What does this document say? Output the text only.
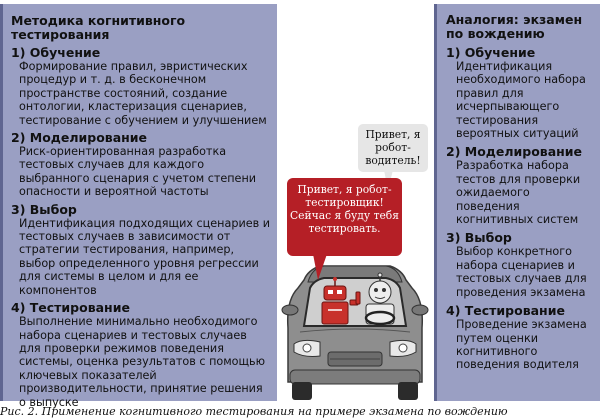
Методика когнитивного тестирования
1) Обучение
Формирование правил, эвристических процедур и т. д. в бесконечном пространстве состояний, создание онтологии, кластеризация сценариев, тестирование с обучением и улучшением
2) Моделирование
Риск-ориентированная разработка тестовых случаев для каждого выбранного сценария с учетом степени опасности и вероятной частоты
3) Выбор
Идентификация подходящих сценариев и тестовых случаев в зависимости от стратегии тестирования, например, выбор определенного уровня регрессии для системы в целом и для ее компонентов
4) Тестирование
Выполнение минимально необходимого набора сценариев и тестовых случаев для проверки режимов поведения системы, оценка результатов с помощью ключевых показателей производительности, принятие решения о выпуске
Аналогия: экзамен по вождению
1) Обучение
Идентификация необходимого набора правил для исчерпывающего тестирования вероятных ситуаций
2) Моделирование
Разработка набора тестов для проверки ожидаемого поведения когнитивных систем
3) Выбор
Выбор конкретного набора сценариев и тестовых случаев для проведения экзамена
4) Тестирование
Проведение экзамена путем оценки когнитивного поведения водителя
Привет, я робот-водитель!
Привет, я робот-тестировщик! Сейчас я буду тебя тестировать.
Рис. 2. Применение когнитивного тестирования на примере экзамена по вождению
